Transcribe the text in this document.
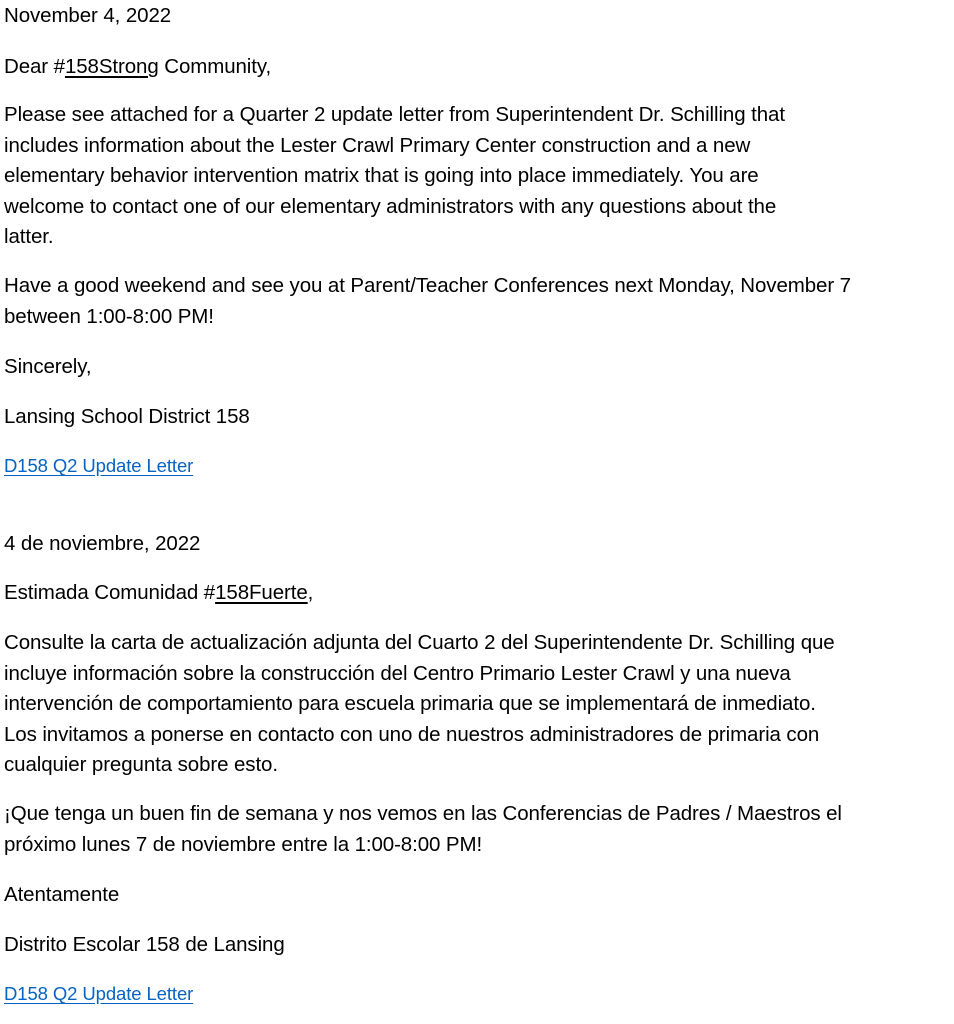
November 4, 2022
Dear #158Strong Community,
Please see attached for a Quarter 2 update letter from Superintendent Dr. Schilling that
includes information about the Lester Crawl Primary Center construction and a new
elementary behavior intervention matrix that is going into place immediately. You are
welcome to contact one of our elementary administrators with any questions about the
latter.
Have a good weekend and see you at Parent/Teacher Conferences next Monday, November 7
between 1:00-8:00 PM!
Sincerely,
Lansing School District 158
D158 Q2 Update Letter
4 de noviembre, 2022
Estimada Comunidad #158Fuerte,
Consulte la carta de actualización adjunta del Cuarto 2 del Superintendente Dr. Schilling que
incluye información sobre la construcción del Centro Primario Lester Crawl y una nueva
intervención de comportamiento para escuela primaria que se implementará de inmediato.
Los invitamos a ponerse en contacto con uno de nuestros administradores de primaria con
cualquier pregunta sobre esto.
¡Que tenga un buen fin de semana y nos vemos en las Conferencias de Padres / Maestros el
próximo lunes 7 de noviembre entre la 1:00-8:00 PM!
Atentamente
Distrito Escolar 158 de Lansing
D158 Q2 Update Letter
